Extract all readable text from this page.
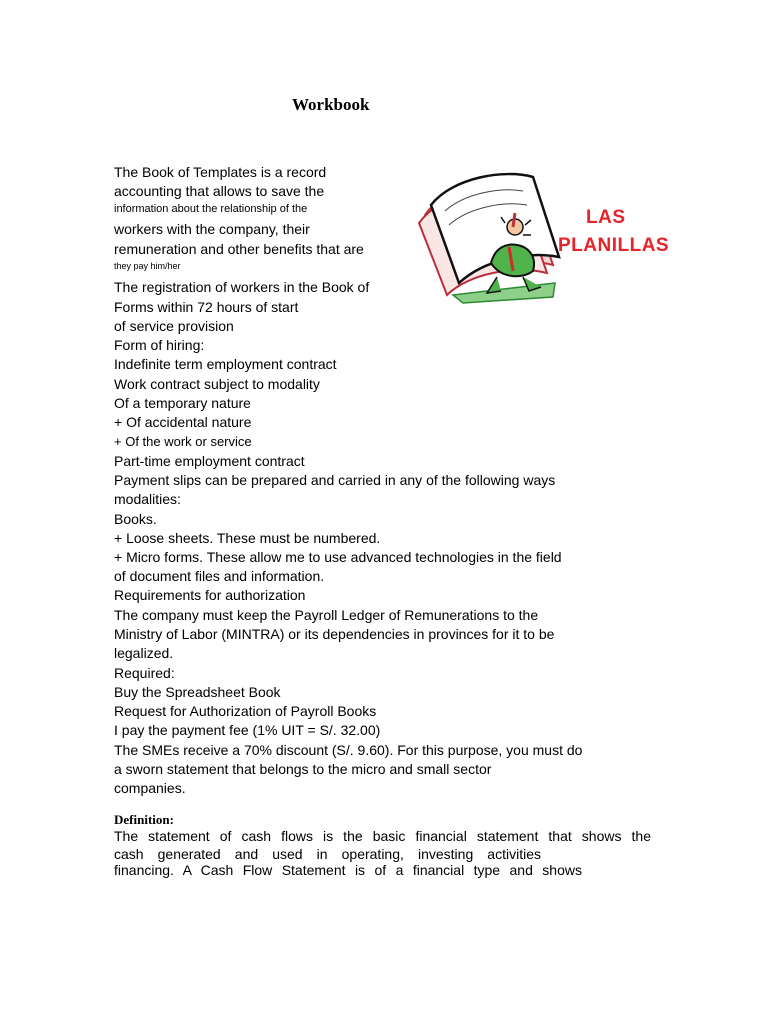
Workbook
The Book of Templates is a record
accounting that allows to save the
information about the relationship of the
workers with the company, their
remuneration and other benefits that are
they pay him/her
The registration of workers in the Book of
Forms within 72 hours of start
of service provision
Form of hiring:
Indefinite term employment contract
Work contract subject to modality
Of a temporary nature
+ Of accidental nature
+ Of the work or service
Part-time employment contract
Payment slips can be prepared and carried in any of the following ways
modalities:
Books.
+ Loose sheets. These must be numbered.
+ Micro forms. These allow me to use advanced technologies in the field
of document files and information.
Requirements for authorization
The company must keep the Payroll Ledger of Remunerations to the
Ministry of Labor (MINTRA) or its dependencies in provinces for it to be
legalized.
Required:
Buy the Spreadsheet Book
Request for Authorization of Payroll Books
I pay the payment fee (1% UIT = S/. 32.00)
The SMEs receive a 70% discount (S/. 9.60). For this purpose, you must do
a sworn statement that belongs to the micro and small sector
companies.
LAS
PLANILLAS
Definition:
The statement of cash flows is the basic financial statement that shows the
cash generated and used in operating, investing activities
financing. A Cash Flow Statement is of a financial type and shows
